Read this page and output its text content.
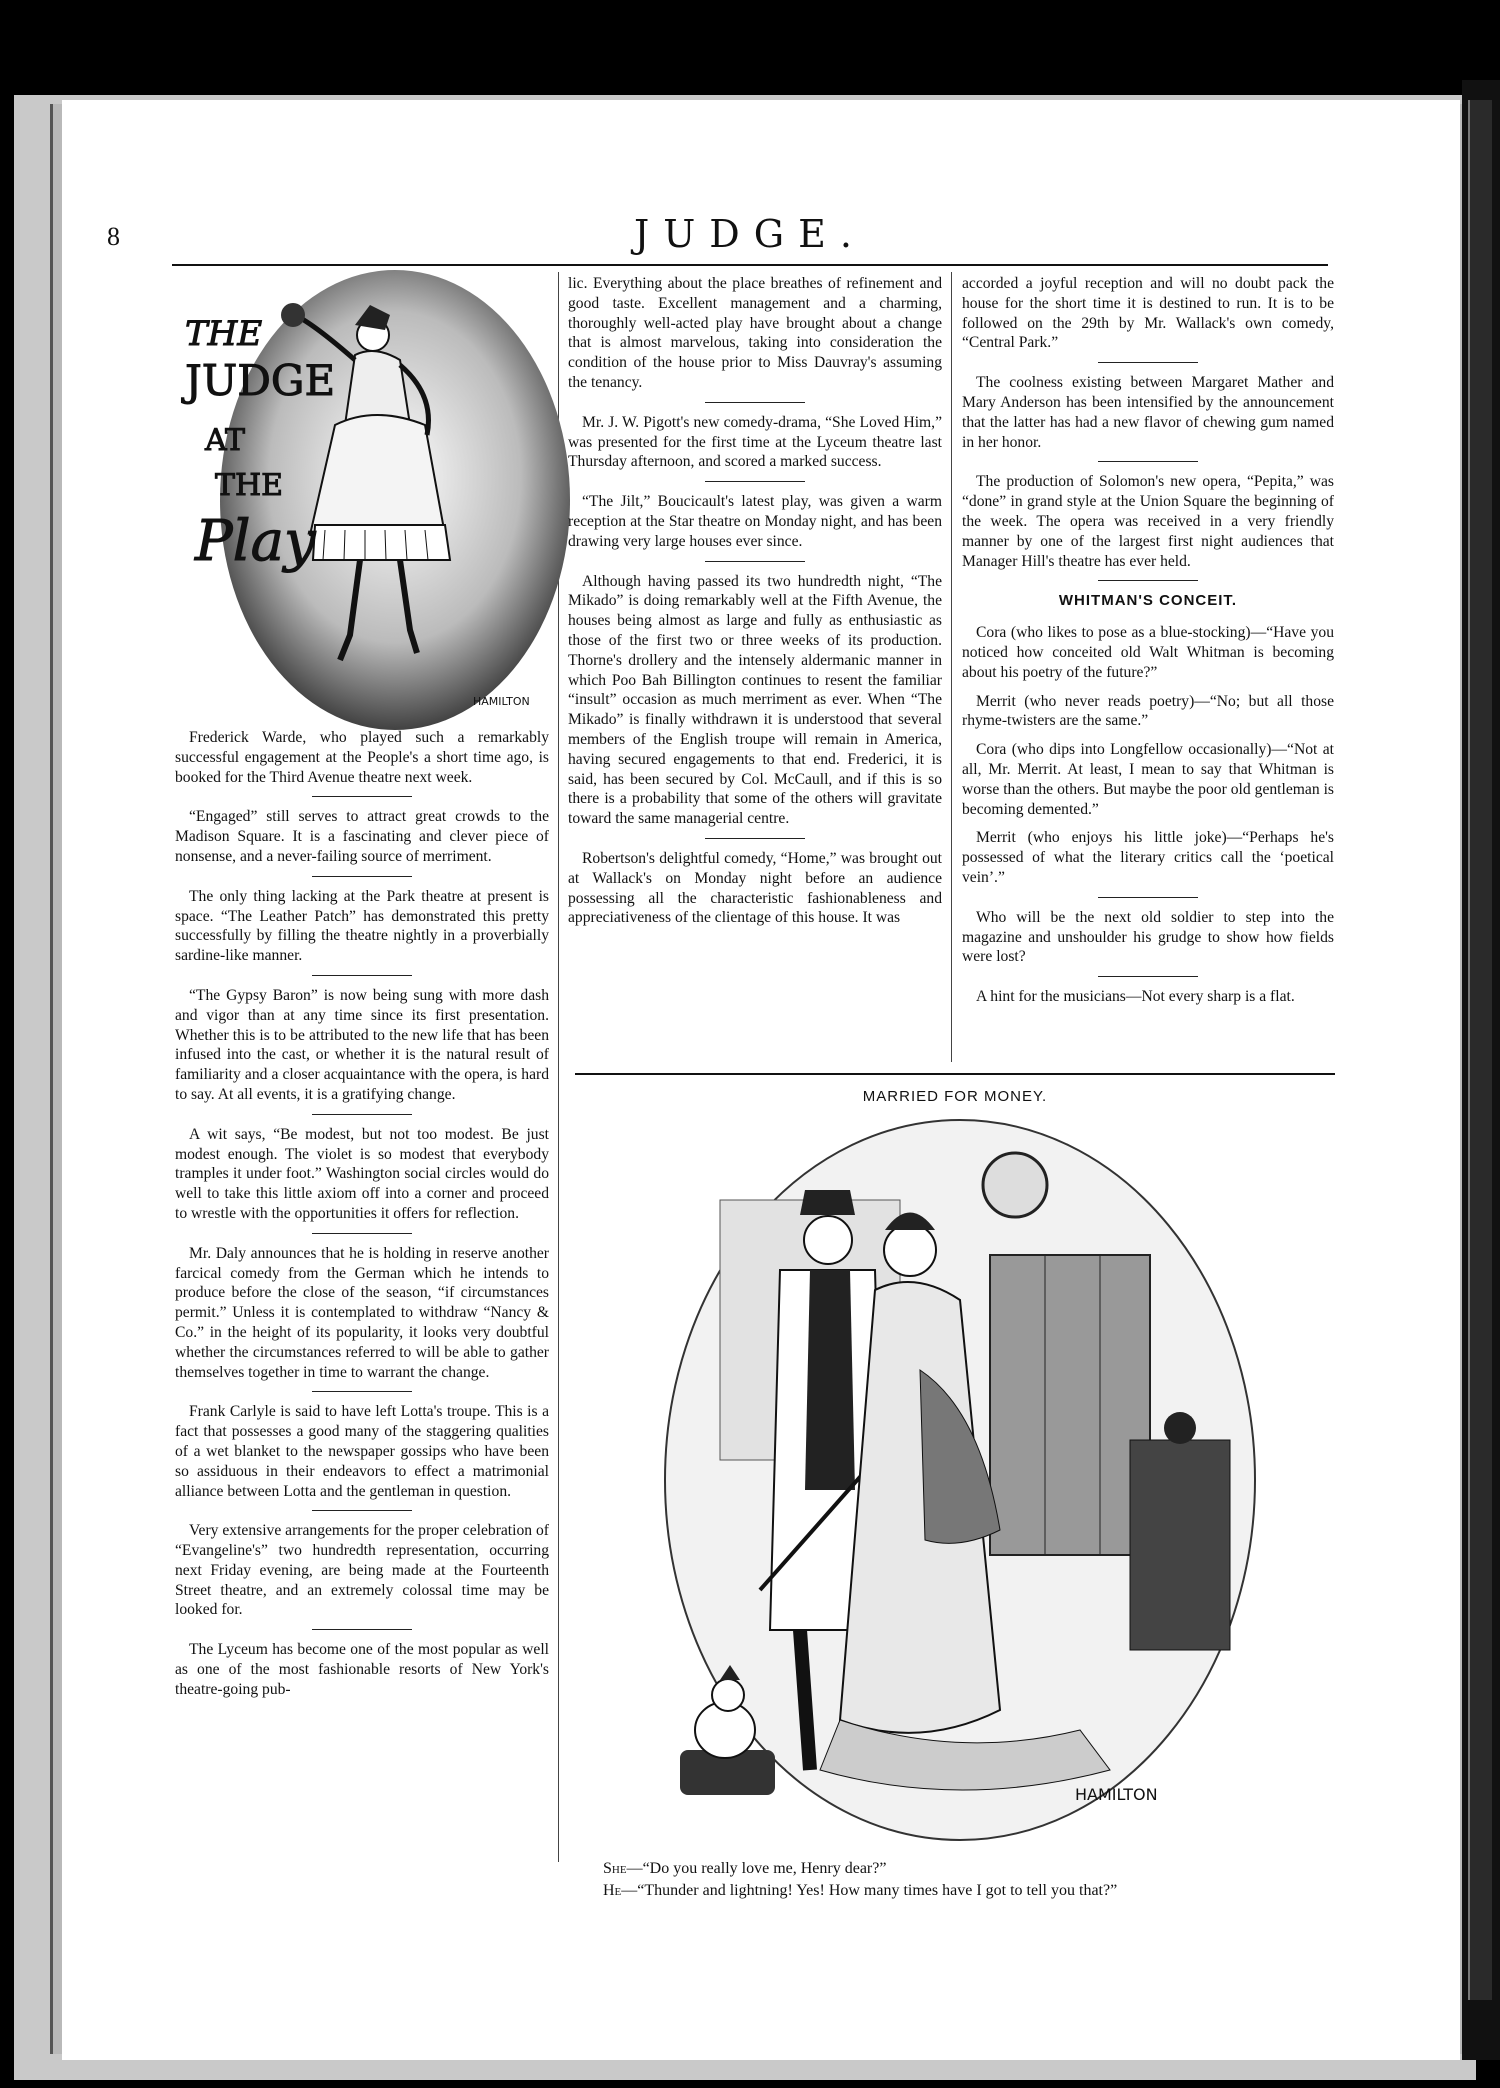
8	JUDGE.
THE
JUDGE
AT
THE
Play
HAMILTON

Frederick Warde, who played such a remarkably successful engagement at the People's a short time ago, is booked for the Third Avenue theatre next week.

“Engaged” still serves to attract great crowds to the Madison Square. It is a fascinating and clever piece of nonsense, and a never-failing source of merriment.

The only thing lacking at the Park theatre at present is space. “The Leather Patch” has demonstrated this pretty successfully by filling the theatre nightly in a proverbially sardine-like manner.

“The Gypsy Baron” is now being sung with more dash and vigor than at any time since its first presentation. Whether this is to be attributed to the new life that has been infused into the cast, or whether it is the natural result of familiarity and a closer acquaintance with the opera, is hard to say. At all events, it is a gratifying change.

A wit says, “Be modest, but not too modest. Be just modest enough. The violet is so modest that everybody tramples it under foot.” Washington social circles would do well to take this little axiom off into a corner and proceed to wrestle with the opportunities it offers for reflection.

Mr. Daly announces that he is holding in reserve another farcical comedy from the German which he intends to produce before the close of the season, “if circumstances permit.” Unless it is contemplated to withdraw “Nancy & Co.” in the height of its popularity, it looks very doubtful whether the circumstances referred to will be able to gather themselves together in time to warrant the change.

Frank Carlyle is said to have left Lotta's troupe. This is a fact that possesses a good many of the staggering qualities of a wet blanket to the newspaper gossips who have been so assiduous in their endeavors to effect a matrimonial alliance between Lotta and the gentleman in question.

Very extensive arrangements for the proper celebration of “Evangeline's” two hundredth representation, occurring next Friday evening, are being made at the Fourteenth Street theatre, and an extremely colossal time may be looked for.

The Lyceum has become one of the most popular as well as one of the most fashionable resorts of New York's theatre-going pub-

lic. Everything about the place breathes of refinement and good taste. Excellent management and a charming, thoroughly well-acted play have brought about a change that is almost marvelous, taking into consideration the condition of the house prior to Miss Dauvray's assuming the tenancy.

Mr. J. W. Pigott's new comedy-drama, “She Loved Him,” was presented for the first time at the Lyceum theatre last Thursday afternoon, and scored a marked success.

“The Jilt,” Boucicault's latest play, was given a warm reception at the Star theatre on Monday night, and has been drawing very large houses ever since.

Although having passed its two hundredth night, “The Mikado” is doing remarkably well at the Fifth Avenue, the houses being almost as large and fully as enthusiastic as those of the first two or three weeks of its production. Thorne's drollery and the intensely aldermanic manner in which Poo Bah Billington continues to resent the familiar “insult” occasion as much merriment as ever. When “The Mikado” is finally withdrawn it is understood that several members of the English troupe will remain in America, having secured engagements to that end. Frederici, it is said, has been secured by Col. McCaull, and if this is so there is a probability that some of the others will gravitate toward the same managerial centre.

Robertson's delightful comedy, “Home,” was brought out at Wallack's on Monday night before an audience possessing all the characteristic fashionableness and appreciativeness of the clientage of this house. It was

accorded a joyful reception and will no doubt pack the house for the short time it is destined to run. It is to be followed on the 29th by Mr. Wallack's own comedy, “Central Park.”

The coolness existing between Margaret Mather and Mary Anderson has been intensified by the announcement that the latter has had a new flavor of chewing gum named in her honor.

The production of Solomon's new opera, “Pepita,” was “done” in grand style at the Union Square the beginning of the week. The opera was received in a very friendly manner by one of the largest first night audiences that Manager Hill's theatre has ever held.

WHITMAN'S CONCEIT.

Cora (who likes to pose as a blue-stocking)—“Have you noticed how conceited old Walt Whitman is becoming about his poetry of the future?”

Merrit (who never reads poetry)—“No; but all those rhyme-twisters are the same.”

Cora (who dips into Longfellow occasionally)—“Not at all, Mr. Merrit. At least, I mean to say that Whitman is worse than the others. But maybe the poor old gentleman is becoming demented.”

Merrit (who enjoys his little joke)—“Perhaps he's possessed of what the literary critics call the ‘poetical vein’.”

Who will be the next old soldier to step into the magazine and unshoulder his grudge to show how fields were lost?

A hint for the musicians—Not every sharp is a flat.

MARRIED FOR MONEY.
HAMILTON
She—“Do you really love me, Henry dear?”
He—“Thunder and lightning! Yes! How many times have I got to tell you that?”
comicbooks.com
